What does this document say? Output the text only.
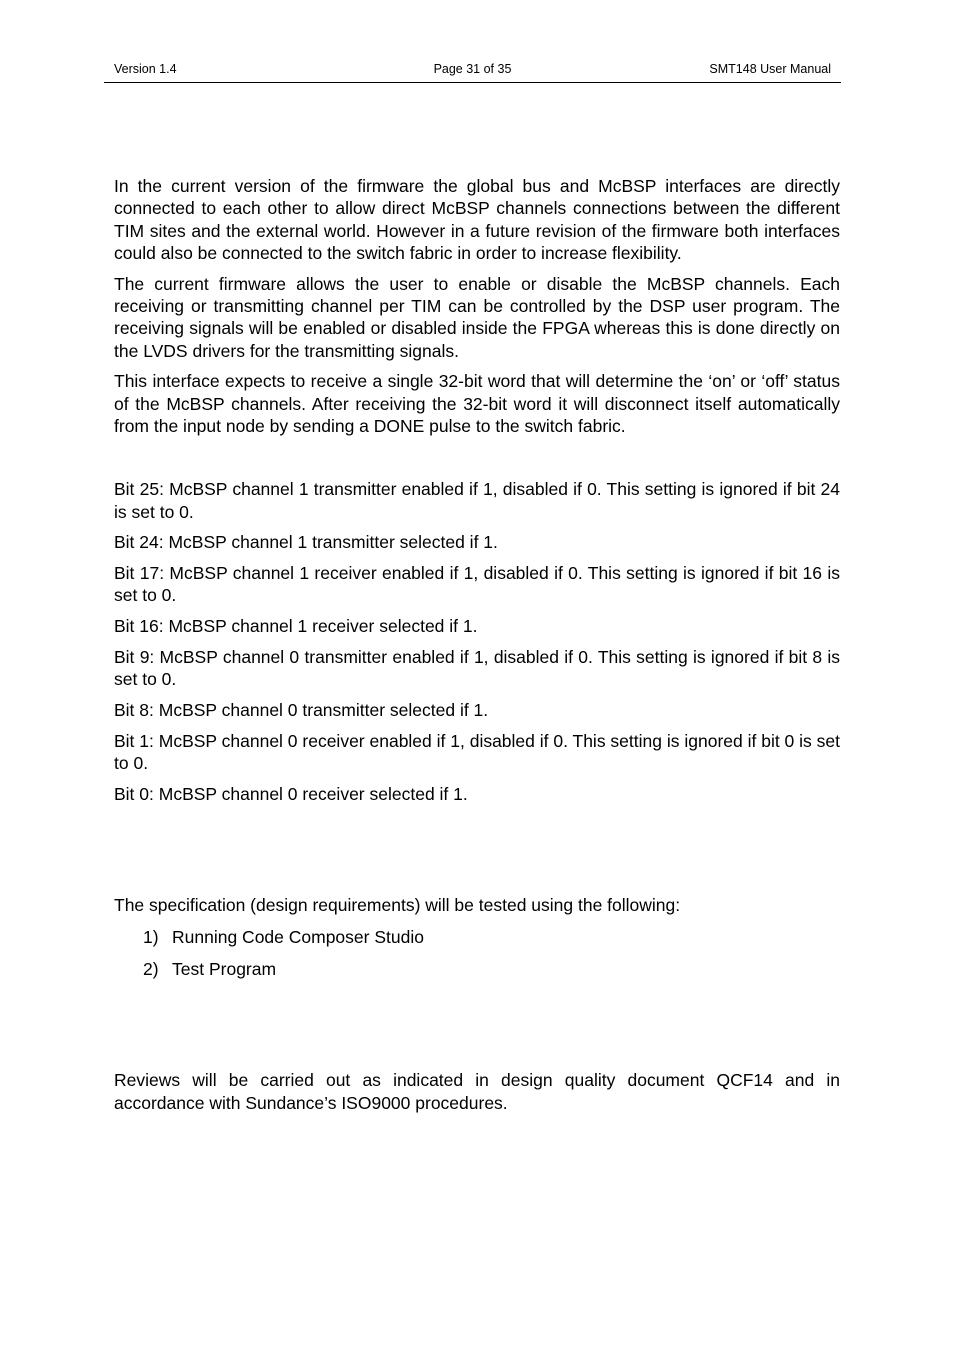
Version 1.4	Page 31 of 35	SMT148 User Manual

In the current version of the firmware the global bus and McBSP interfaces are directly connected to each other to allow direct McBSP channels connections between the different TIM sites and the external world. However in a future revision of the firmware both interfaces could also be connected to the switch fabric in order to increase flexibility.

The current firmware allows the user to enable or disable the McBSP channels. Each receiving or transmitting channel per TIM can be controlled by the DSP user program. The receiving signals will be enabled or disabled inside the FPGA whereas this is done directly on the LVDS drivers for the transmitting signals.

This interface expects to receive a single 32-bit word that will determine the ‘on’ or ‘off’ status of the McBSP channels. After receiving the 32-bit word it will disconnect itself automatically from the input node by sending a DONE pulse to the switch fabric.

Bit 25: McBSP channel 1 transmitter enabled if 1, disabled if 0. This setting is ignored if bit 24 is set to 0.

Bit 24: McBSP channel 1 transmitter selected if 1.

Bit 17: McBSP channel 1 receiver enabled if 1, disabled if 0. This setting is ignored if bit 16 is set to 0.

Bit 16: McBSP channel 1 receiver selected if 1.

Bit 9: McBSP channel 0 transmitter enabled if 1, disabled if 0. This setting is ignored if bit 8 is set to 0.

Bit 8: McBSP channel 0 transmitter selected if 1.

Bit 1: McBSP channel 0 receiver enabled if 1, disabled if 0. This setting is ignored if bit 0 is set to 0.

Bit 0: McBSP channel 0 receiver selected if 1.

The specification (design requirements) will be tested using the following:

1) Running Code Composer Studio
2) Test Program

Reviews will be carried out as indicated in design quality document QCF14 and in accordance with Sundance’s ISO9000 procedures.
